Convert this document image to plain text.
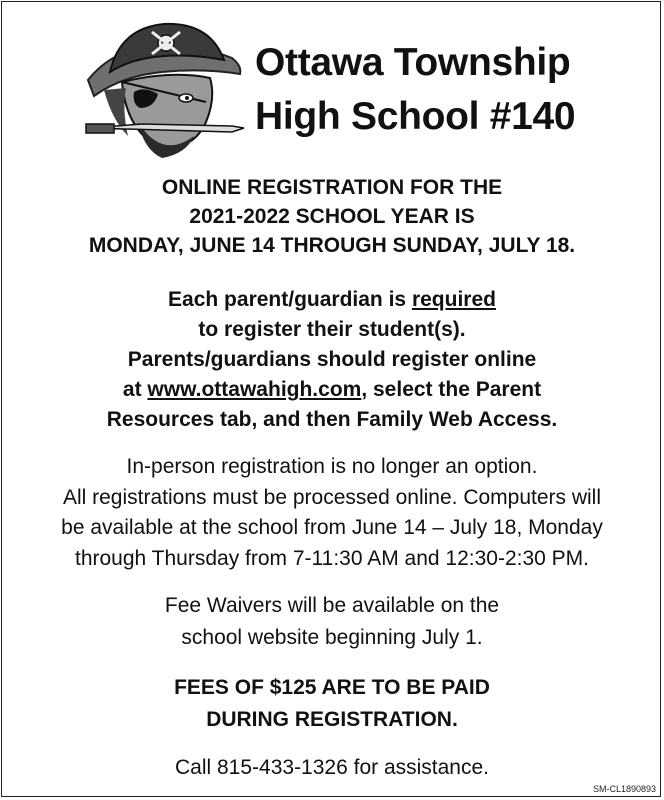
Ottawa Township
High School #140
ONLINE REGISTRATION FOR THE
2021-2022 SCHOOL YEAR IS
MONDAY, JUNE 14 THROUGH SUNDAY, JULY 18.
Each parent/guardian is required
to register their student(s).
Parents/guardians should register online
at www.ottawahigh.com, select the Parent
Resources tab, and then Family Web Access.
In-person registration is no longer an option.
All registrations must be processed online. Computers will
be available at the school from June 14 – July 18, Monday
through Thursday from 7-11:30 AM and 12:30-2:30 PM.
Fee Waivers will be available on the
school website beginning July 1.
FEES OF $125 ARE TO BE PAID
DURING REGISTRATION.
Call 815-433-1326 for assistance.
SM-CL1890893
